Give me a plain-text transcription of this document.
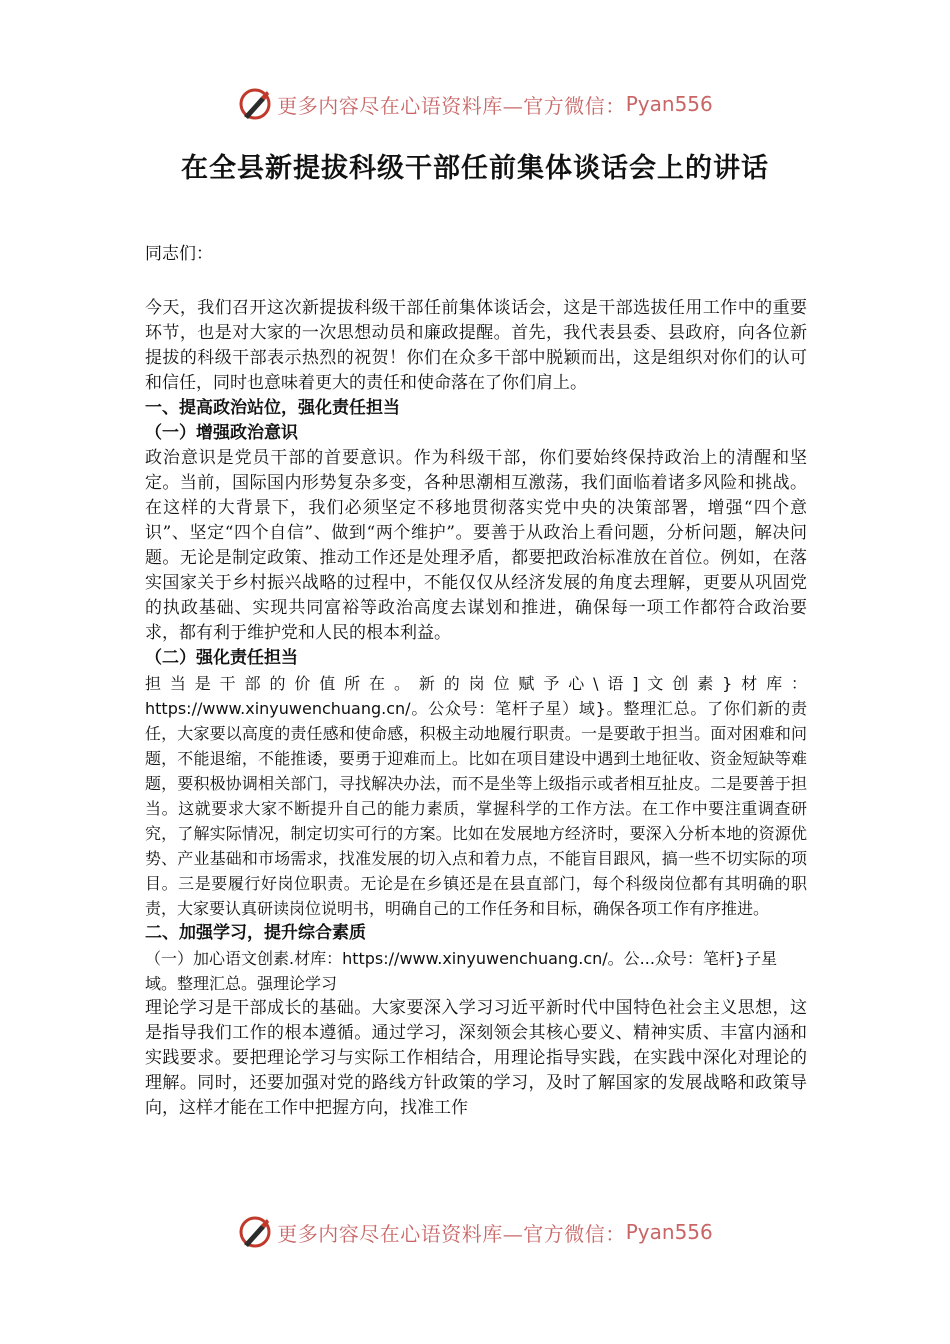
更多内容尽在心语资料库—官方微信： Pyan556
在全县新提拔科级干部任前集体谈话会上的讲话

同志们：

今天，我们召开这次新提拔科级干部任前集体谈话会，这是干部选拔任用工作中的重要环节，也是对大家的一次思想动员和廉政提醒。首先，我代表县委、县政府，向各位新提拔的科级干部表示热烈的祝贺！你们在众多干部中脱颖而出，这是组织对你们的认可和信任，同时也意味着更大的责任和使命落在了你们肩上。

一、提高政治站位，强化责任担当

（一）增强政治意识

政治意识是党员干部的首要意识。作为科级干部，你们要始终保持政治上的清醒和坚定。当前，国际国内形势复杂多变，各种思潮相互激荡，我们面临着诸多风险和挑战。在这样的大背景下，我们必须坚定不移地贯彻落实党中央的决策部署，增强“四个意识”、坚定“四个自信”、做到“两个维护”。要善于从政治上看问题，分析问题，解决问题。无论是制定政策、推动工作还是处理矛盾，都要把政治标准放在首位。例如，在落实国家关于乡村振兴战略的过程中，不能仅仅从经济发展的角度去理解，更要从巩固党的执政基础、实现共同富裕等政治高度去谋划和推进，确保每一项工作都符合政治要求，都有利于维护党和人民的根本利益。

（二）强化责任担当

担当是干部的价值所在。新的岗位赋予心\语]文创素}材库：https://www.xinyuwenchuang.cn/。公众号：笔杆子星）域}。整理汇总。了你们新的责任，大家要以高度的责任感和使命感，积极主动地履行职责。一是要敢于担当。面对困难和问题，不能退缩，不能推诿，要勇于迎难而上。比如在项目建设中遇到土地征收、资金短缺等难题，要积极协调相关部门，寻找解决办法，而不是坐等上级指示或者相互扯皮。二是要善于担当。这就要求大家不断提升自己的能力素质，掌握科学的工作方法。在工作中要注重调查研究，了解实际情况，制定切实可行的方案。比如在发展地方经济时，要深入分析本地的资源优势、产业基础和市场需求，找准发展的切入点和着力点，不能盲目跟风，搞一些不切实际的项目。三是要履行好岗位职责。无论是在乡镇还是在县直部门，每个科级岗位都有其明确的职责，大家要认真研读岗位说明书，明确自己的工作任务和目标，确保各项工作有序推进。

二、加强学习，提升综合素质

（一）加心语文创素.材库：https://www.xinyuwenchuang.cn/。公...众号：笔杆}子星域。整理汇总。强理论学习

理论学习是干部成长的基础。大家要深入学习习近平新时代中国特色社会主义思想，这是指导我们工作的根本遵循。通过学习，深刻领会其核心要义、精神实质、丰富内涵和实践要求。要把理论学习与实际工作相结合，用理论指导实践，在实践中深化对理论的理解。同时，还要加强对党的路线方针政策的学习，及时了解国家的发展战略和政策导向，这样才能在工作中把握方向，找准工作

更多内容尽在心语资料库—官方微信： Pyan556
